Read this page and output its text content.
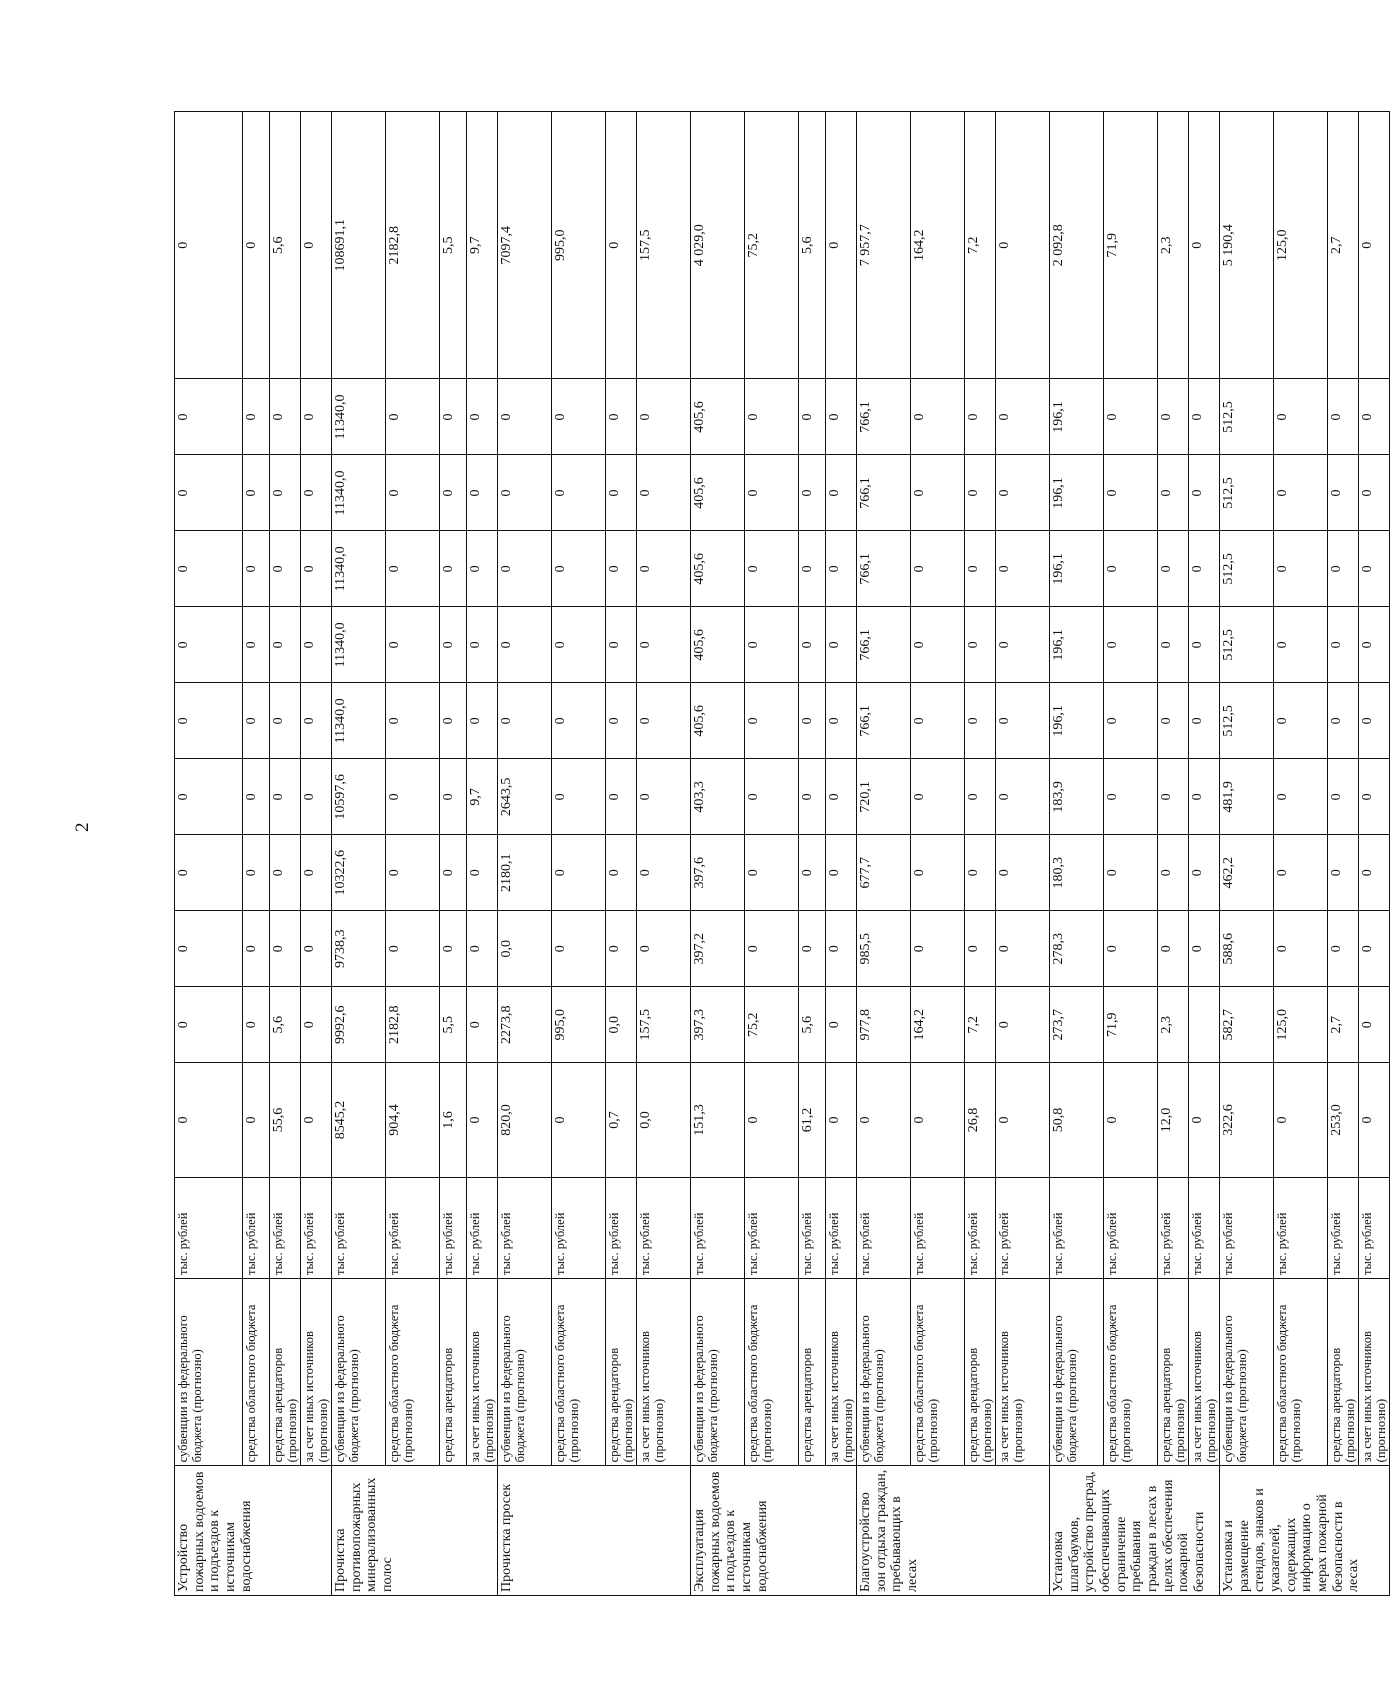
2
Устройство пожарных водоемов и подъездов к источникам водоснабжения	субвенции из федерального бюджета (прогнозно)	тыс. рублей	0	0	0	0	0	0	0	0	0	0	0
	средства областного бюджета	тыс. рублей	0	0	0	0	0	0	0	0	0	0	0
	средства арендаторов (прогнозно)	тыс. рублей	55,6	5,6	0	0	0	0	0	0	0	0	5,6
	за счет иных источников (прогнозно)	тыс. рублей	0	0	0	0	0	0	0	0	0	0	0
Прочистка противопожарных минерализованных полос	субвенции из федерального бюджета (прогнозно)	тыс. рублей	8545,2	9992,6	9738,3	10322,6	10597,6	11340,0	11340,0	11340,0	11340,0	11340,0	108691,1
	средства областного бюджета (прогнозно)	тыс. рублей	904,4	2182,8	0	0	0	0	0	0	0	0	2182,8
	средства арендаторов	тыс. рублей	1,6	5,5	0	0	0	0	0	0	0	0	5,5
	за счет иных источников (прогнозно)	тыс. рублей	0	0	0	0	9,7	0	0	0	0	0	9,7
Прочистка просек	субвенции из федерального бюджета (прогнозно)	тыс. рублей	820,0	2273,8	0,0	2180,1	2643,5	0	0	0	0	0	7097,4
	средства областного бюджета (прогнозно)	тыс. рублей	0	995,0	0	0	0	0	0	0	0	0	995,0
	средства арендаторов (прогнозно)	тыс. рублей	0,7	0,0	0	0	0	0	0	0	0	0	0
	за счет иных источников (прогнозно)	тыс. рублей	0,0	157,5	0	0	0	0	0	0	0	0	157,5
Эксплуатация пожарных водоемов и подъездов к источникам водоснабжения	субвенции из федерального бюджета (прогнозно)	тыс. рублей	151,3	397,3	397,2	397,6	403,3	405,6	405,6	405,6	405,6	405,6	4 029,0
	средства областного бюджета (прогнозно)	тыс. рублей	0	75,2	0	0	0	0	0	0	0	0	75,2
	средства арендаторов	тыс. рублей	61,2	5,6	0	0	0	0	0	0	0	0	5,6
	за счет иных источников (прогнозно)	тыс. рублей	0	0	0	0	0	0	0	0	0	0	0
Благоустройство зон отдыха граждан, пребывающих в лесах	субвенции из федерального бюджета (прогнозно)	тыс. рублей	0	977,8	985,5	677,7	720,1	766,1	766,1	766,1	766,1	766,1	7 957,7
	средства областного бюджета (прогнозно)	тыс. рублей	0	164,2	0	0	0	0	0	0	0	0	164,2
	средства арендаторов (прогнозно)	тыс. рублей	26,8	7,2	0	0	0	0	0	0	0	0	7,2
	за счет иных источников (прогнозно)	тыс. рублей	0	0	0	0	0	0	0	0	0	0	0
Установка шлагбаумов, устройство преград, обеспечивающих ограничение пребывания граждан в лесах в целях обеспечения пожарной безопасности	субвенции из федерального бюджета (прогнозно)	тыс. рублей	50,8	273,7	278,3	180,3	183,9	196,1	196,1	196,1	196,1	196,1	2 092,8
	средства областного бюджета (прогнозно)	тыс. рублей	0	71,9	0	0	0	0	0	0	0	0	71,9
	средства арендаторов (прогнозно)	тыс. рублей	12,0	2,3	0	0	0	0	0	0	0	0	2,3
	за счет иных источников (прогнозно)	тыс. рублей	0		0	0	0	0	0	0	0	0	0
Установка и размещение стендов, знаков и указателей, содержащих информацию о мерах пожарной безопасности в лесах	субвенции из федерального бюджета (прогнозно)	тыс. рублей	322,6	582,7	588,6	462,2	481,9	512,5	512,5	512,5	512,5	512,5	5 190,4
	средства областного бюджета (прогнозно)	тыс. рублей	0	125,0	0	0	0	0	0	0	0	0	125,0
	средства арендаторов (прогнозно)	тыс. рублей	253,0	2,7	0	0	0	0	0	0	0	0	2,7
	за счет иных источников (прогнозно)	тыс. рублей	0	0	0	0	0	0	0	0	0	0	0
